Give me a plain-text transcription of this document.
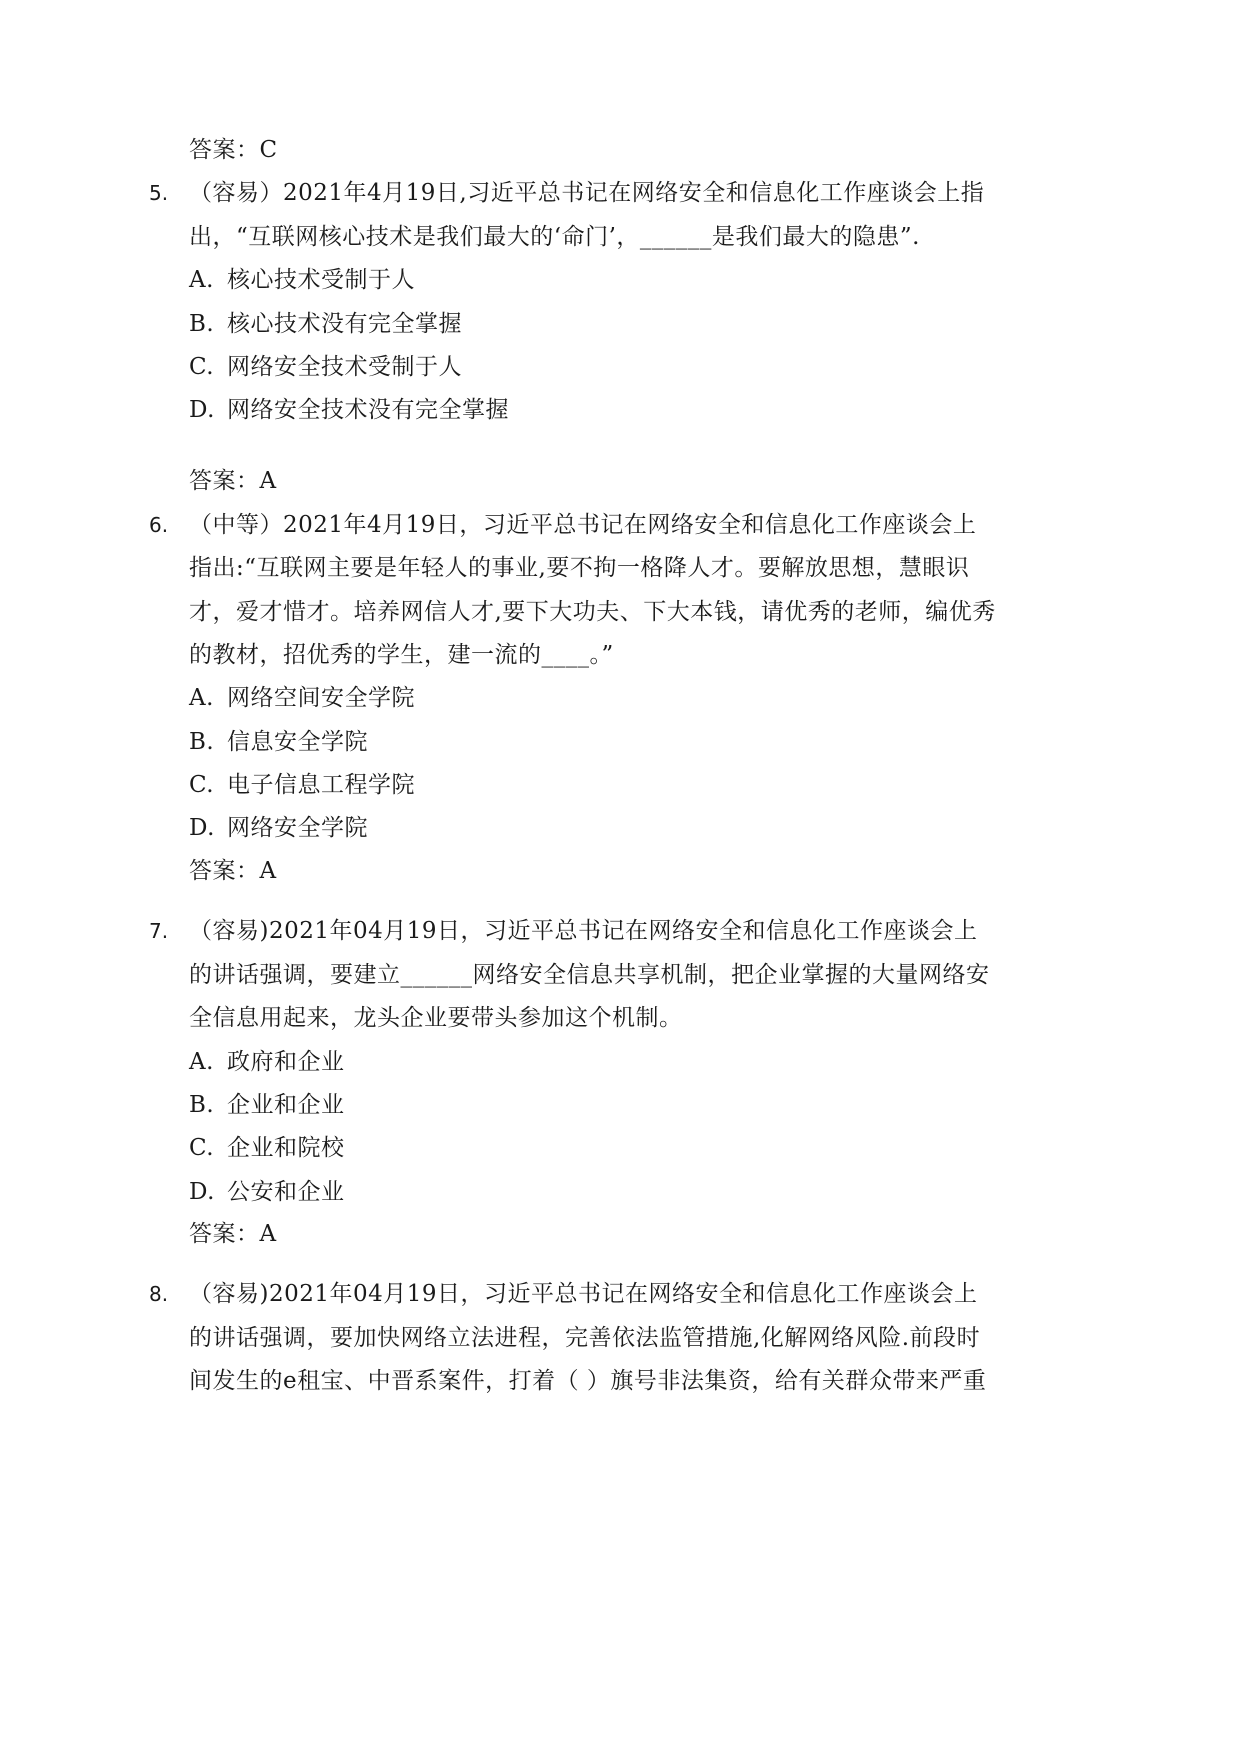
答案：C
5. （容易）2021年4月19日,习近平总书记在网络安全和信息化工作座谈会上指
出，“互联网核心技术是我们最大的‘命门’，______是我们最大的隐患”.
A. 核心技术受制于人
B. 核心技术没有完全掌握
C. 网络安全技术受制于人
D. 网络安全技术没有完全掌握
答案：A
6. （中等）2021年4月19日，习近平总书记在网络安全和信息化工作座谈会上
指出:“互联网主要是年轻人的事业,要不拘一格降人才。要解放思想，慧眼识
才，爱才惜才。培养网信人才,要下大功夫、下大本钱，请优秀的老师，编优秀
的教材，招优秀的学生，建一流的____。”
A. 网络空间安全学院
B. 信息安全学院
C. 电子信息工程学院
D. 网络安全学院
答案：A
7. （容易)2021年04月19日，习近平总书记在网络安全和信息化工作座谈会上
的讲话强调，要建立______网络安全信息共享机制，把企业掌握的大量网络安
全信息用起来，龙头企业要带头参加这个机制。
A. 政府和企业
B. 企业和企业
C. 企业和院校
D. 公安和企业
答案：A
8. （容易)2021年04月19日，习近平总书记在网络安全和信息化工作座谈会上
的讲话强调，要加快网络立法进程，完善依法监管措施,化解网络风险.前段时
间发生的e租宝、中晋系案件，打着（ ）旗号非法集资，给有关群众带来严重
